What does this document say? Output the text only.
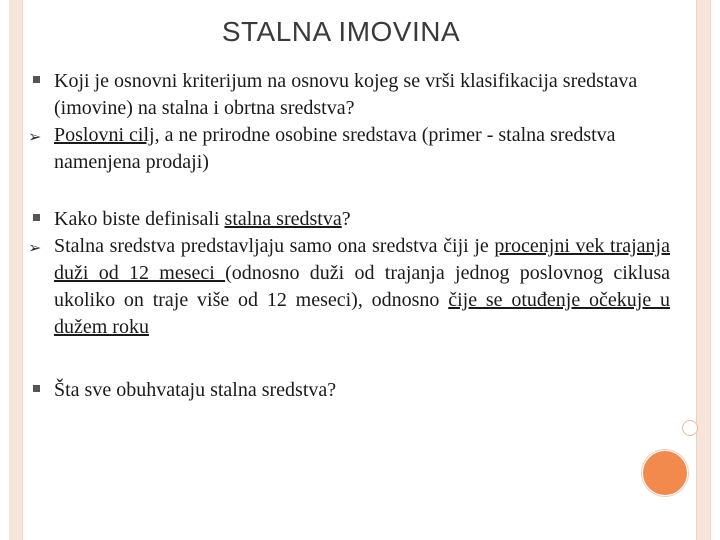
STALNA IMOVINA
Koji je osnovni kriterijum na osnovu kojeg se vrši klasifikacija sredstava (imovine) na stalna i obrtna sredstva?
➢ Poslovni cilj, a ne prirodne osobine sredstava (primer - stalna sredstva namenjena prodaji)
Kako biste definisali stalna sredstva?
➢ Stalna sredstva predstavljaju samo ona sredstva čiji je procenjni vek trajanja duži od 12 meseci (odnosno duži od trajanja jednog poslovnog ciklusa ukoliko on traje više od 12 meseci), odnosno čije se otuđenje očekuje u dužem roku
Šta sve obuhvataju stalna sredstva?
